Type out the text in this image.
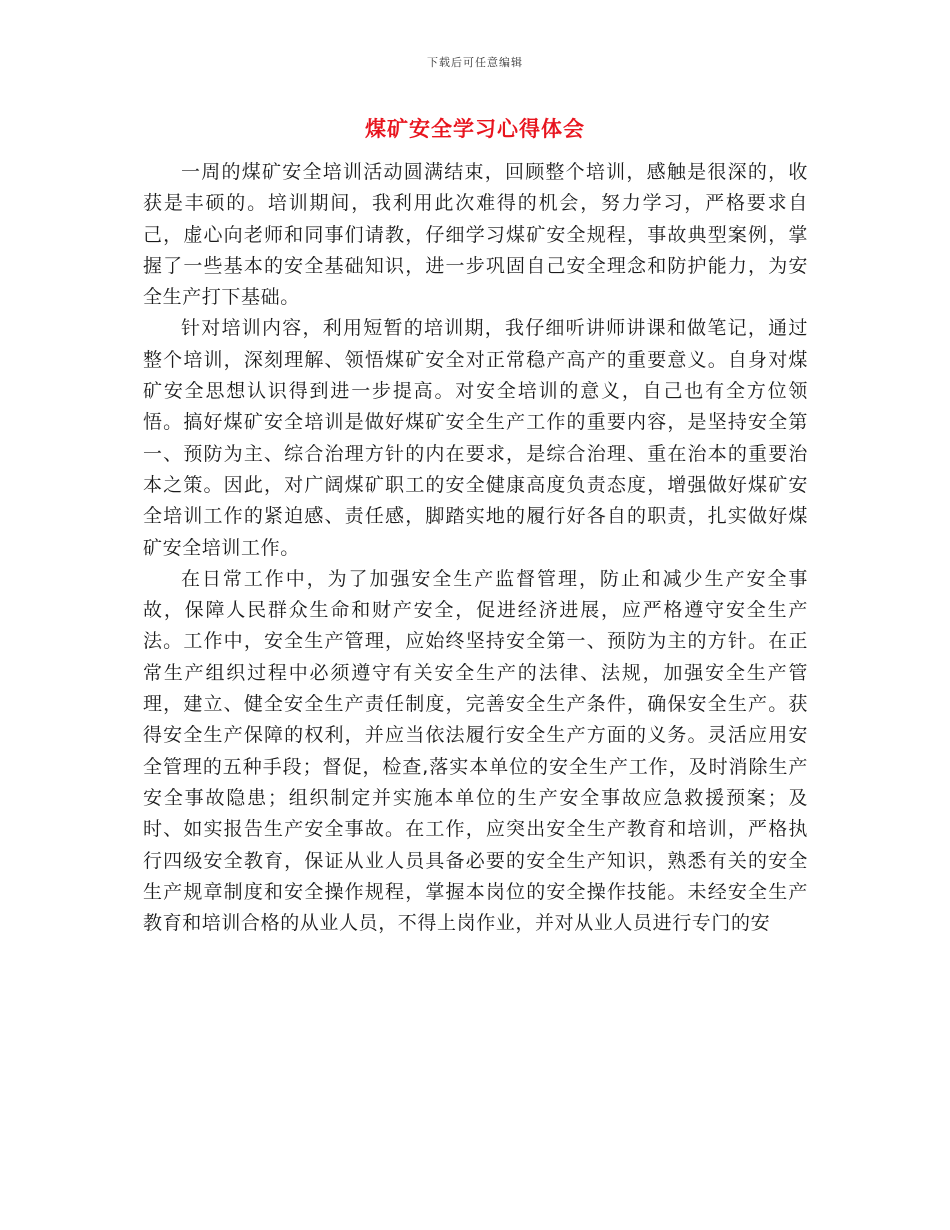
下载后可任意编辑
煤矿安全学习心得体会

一周的煤矿安全培训活动圆满结束，回顾整个培训，感触是很深的，收获是丰硕的。培训期间，我利用此次难得的机会，努力学习，严格要求自己，虚心向老师和同事们请教，仔细学习煤矿安全规程，事故典型案例，掌握了一些基本的安全基础知识，进一步巩固自己安全理念和防护能力，为安全生产打下基础。

针对培训内容，利用短暂的培训期，我仔细听讲师讲课和做笔记，通过整个培训，深刻理解、领悟煤矿安全对正常稳产高产的重要意义。自身对煤矿安全思想认识得到进一步提高。对安全培训的意义，自己也有全方位领悟。搞好煤矿安全培训是做好煤矿安全生产工作的重要内容，是坚持安全第一、预防为主、综合治理方针的内在要求，是综合治理、重在治本的重要治本之策。因此，对广阔煤矿职工的安全健康高度负责态度，增强做好煤矿安全培训工作的紧迫感、责任感，脚踏实地的履行好各自的职责，扎实做好煤矿安全培训工作。

在日常工作中，为了加强安全生产监督管理，防止和减少生产安全事故，保障人民群众生命和财产安全，促进经济进展，应严格遵守安全生产法。工作中，安全生产管理，应始终坚持安全第一、预防为主的方针。在正常生产组织过程中必须遵守有关安全生产的法律、法规，加强安全生产管理，建立、健全安全生产责任制度，完善安全生产条件，确保安全生产。获得安全生产保障的权利，并应当依法履行安全生产方面的义务。灵活应用安全管理的五种手段；督促，检查,落实本单位的安全生产工作，及时消除生产安全事故隐患；组织制定并实施本单位的生产安全事故应急救援预案；及时、如实报告生产安全事故。在工作，应突出安全生产教育和培训，严格执行四级安全教育，保证从业人员具备必要的安全生产知识，熟悉有关的安全生产规章制度和安全操作规程，掌握本岗位的安全操作技能。未经安全生产教育和培训合格的从业人员，不得上岗作业，并对从业人员进行专门的安
